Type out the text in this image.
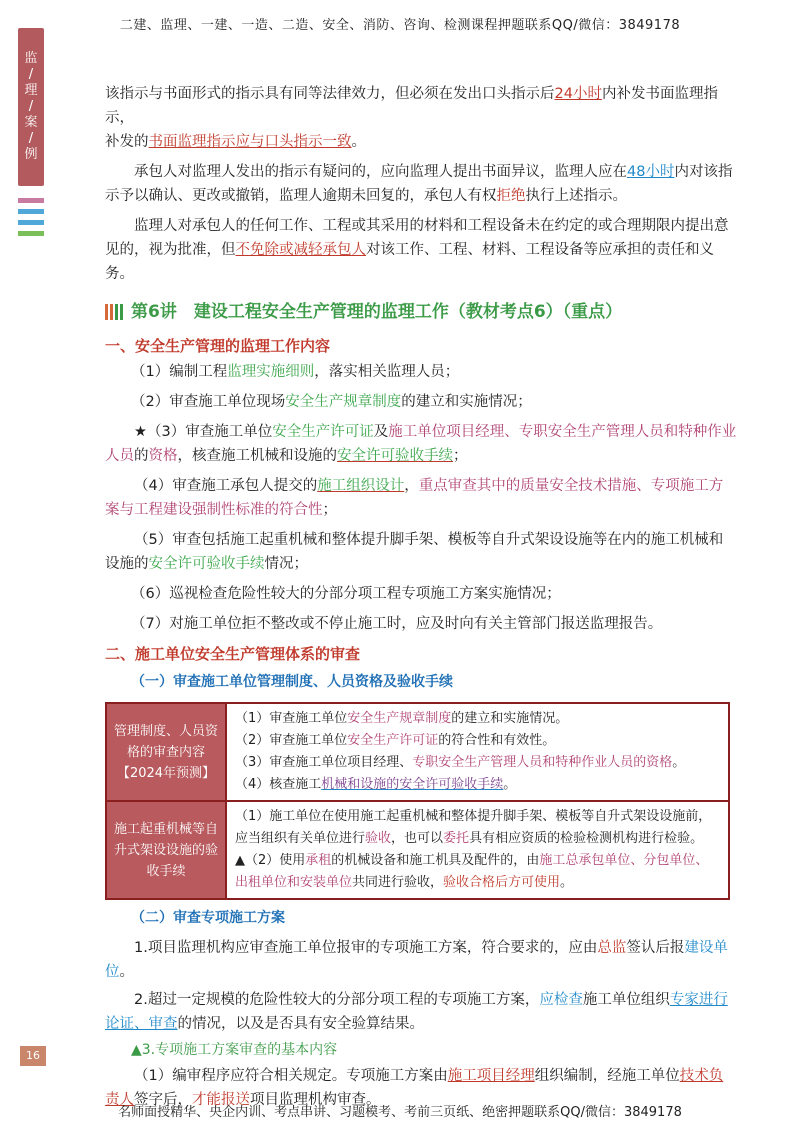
二建、监理、一建、一造、二造、安全、消防、咨询、检测课程押题联系QQ/微信：3849178
监
/
理
/
案
/
例

该指示与书面形式的指示具有同等法律效力，但必须在发出口头指示后24小时内补发书面监理指示，

补发的书面监理指示应与口头指示一致。

承包人对监理人发出的指示有疑问的，应向监理人提出书面异议，监理人应在48小时内对该指示予以确认、更改或撤销，监理人逾期未回复的，承包人有权拒绝执行上述指示。

监理人对承包人的任何工作、工程或其采用的材料和工程设备未在约定的或合理期限内提出意见的，视为批准，但不免除或减轻承包人对该工作、工程、材料、工程设备等应承担的责任和义务。

第6讲　建设工程安全生产管理的监理工作（教材考点6）（重点）
一、安全生产管理的监理工作内容

（1）编制工程监理实施细则，落实相关监理人员；

（2）审查施工单位现场安全生产规章制度的建立和实施情况；

★（3）审查施工单位安全生产许可证及施工单位项目经理、专职安全生产管理人员和特种作业人员的资格，核查施工机械和设施的安全许可验收手续；

（4）审查施工承包人提交的施工组织设计，重点审查其中的质量安全技术措施、专项施工方案与工程建设强制性标准的符合性；

（5）审查包括施工起重机械和整体提升脚手架、模板等自升式架设设施等在内的施工机械和设施的安全许可验收手续情况；

（6）巡视检查危险性较大的分部分项工程专项施工方案实施情况；

（7）对施工单位拒不整改或不停止施工时，应及时向有关主管部门报送监理报告。

二、施工单位安全生产管理体系的审查
（一）审查施工单位管理制度、人员资格及验收手续
管理制度、人员资格的审查内容【2024年预测】	（1）审查施工单位安全生产规章制度的建立和实施情况。
（2）审查施工单位安全生产许可证的符合性和有效性。
（3）审查施工单位项目经理、专职安全生产管理人员和特种作业人员的资格。
（4）核查施工机械和设施的安全许可验收手续。

施工起重机械等自升式架设设施的验收手续	（1）施工单位在使用施工起重机械和整体提升脚手架、模板等自升式架设设施前，应当组织有关单位进行验收，也可以委托具有相应资质的检验检测机构进行检验。
▲（2）使用承租的机械设备和施工机具及配件的，由施工总承包单位、分包单位、出租单位和安装单位共同进行验收，验收合格后方可使用。
（二）审查专项施工方案

1.项目监理机构应审查施工单位报审的专项施工方案，符合要求的，应由总监签认后报建设单位。

2.超过一定规模的危险性较大的分部分项工程的专项施工方案，应检查施工单位组织专家进行论证、审查的情况，以及是否具有安全验算结果。

▲3.专项施工方案审查的基本内容

（1）编审程序应符合相关规定。专项施工方案由施工项目经理组织编制，经施工单位技术负责人签字后，才能报送项目监理机构审查。

16
名师面授精华、央企内训、考点串讲、习题模考、考前三页纸、绝密押题联系QQ/微信：3849178
